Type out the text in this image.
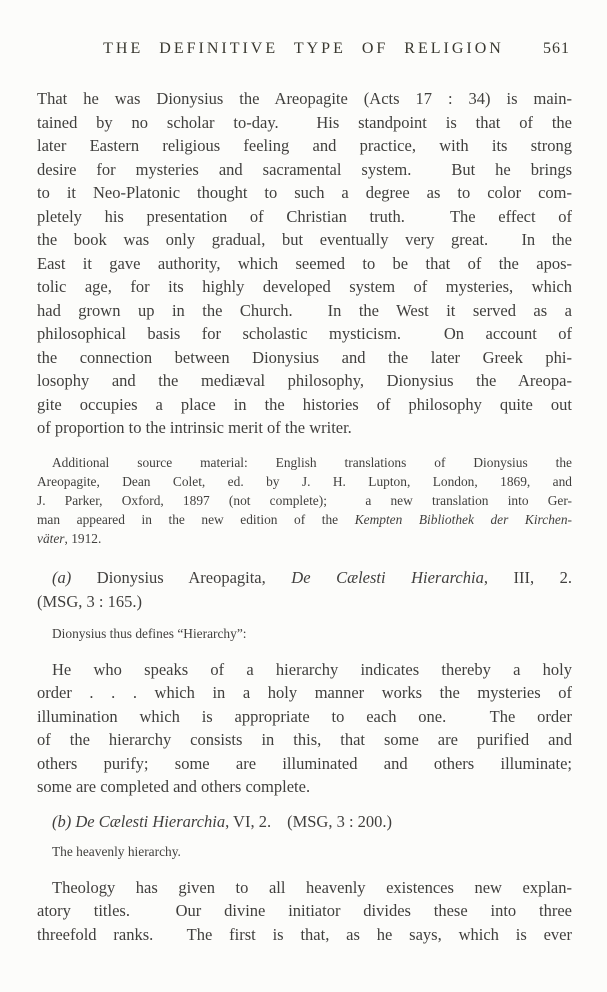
THE DEFINITIVE TYPE OF RELIGION 561
That he was Dionysius the Areopagite (Acts 17 : 34) is main-
tained by no scholar to-day.  His standpoint is that of the
later Eastern religious feeling and practice, with its strong
desire for mysteries and sacramental system.  But he brings
to it Neo-Platonic thought to such a degree as to color com-
pletely his presentation of Christian truth.  The effect of
the book was only gradual, but eventually very great.  In the
East it gave authority, which seemed to be that of the apos-
tolic age, for its highly developed system of mysteries, which
had grown up in the Church.  In the West it served as a
philosophical basis for scholastic mysticism.  On account of
the connection between Dionysius and the later Greek phi-
losophy and the mediæval philosophy, Dionysius the Areopa-
gite occupies a place in the histories of philosophy quite out
of proportion to the intrinsic merit of the writer.
Additional source material: English translations of Dionysius the
Areopagite, Dean Colet, ed. by J. H. Lupton, London, 1869, and
J. Parker, Oxford, 1897 (not complete);  a new translation into Ger-
man appeared in the new edition of the Kempten Bibliothek der Kirchen-
väter, 1912.
(a) Dionysius Areopagita, De Cælesti Hierarchia, III, 2.
(MSG, 3 : 165.)
Dionysius thus defines “Hierarchy”:
He who speaks of a hierarchy indicates thereby a holy
order . . . which in a holy manner works the mysteries of
illumination which is appropriate to each one.  The order
of the hierarchy consists in this, that some are purified and
others purify; some are illuminated and others illuminate;
some are completed and others complete.
(b) De Cælesti Hierarchia, VI, 2. (MSG, 3 : 200.)
The heavenly hierarchy.
Theology has given to all heavenly existences new explan-
atory titles.  Our divine initiator divides these into three
threefold ranks.  The first is that, as he says, which is ever
